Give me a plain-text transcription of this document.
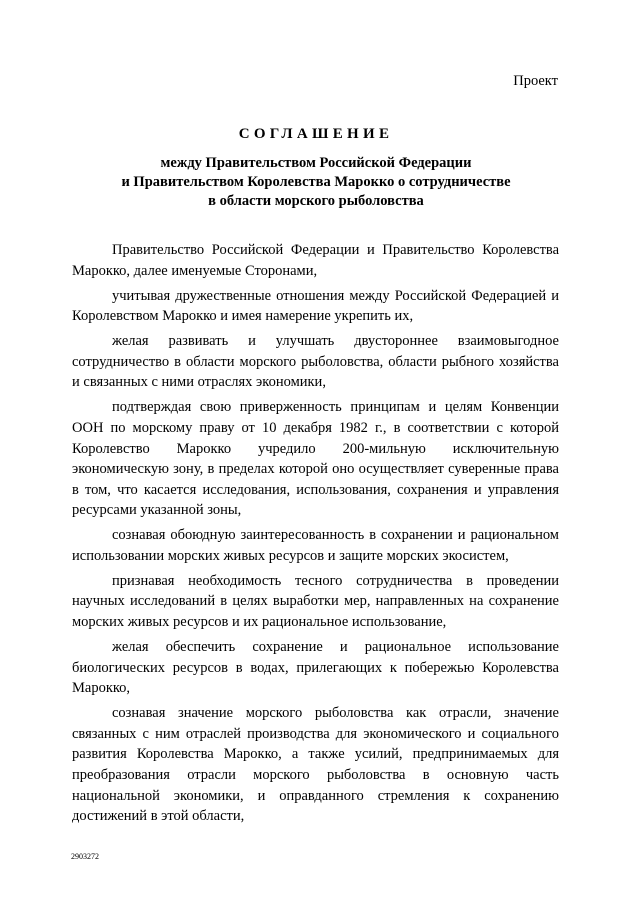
Проект
СОГЛАШЕНИЕ
между Правительством Российской Федерации
и Правительством Королевства Марокко о сотрудничестве
в области морского рыболовства

Правительство Российской Федерации и Правительство Королевства Марокко, далее именуемые Сторонами,

учитывая дружественные отношения между Российской Федерацией и Королевством Марокко и имея намерение укрепить их,

желая развивать и улучшать двустороннее взаимовыгодное сотрудничество в области морского рыболовства, области рыбного хозяйства и связанных с ними отраслях экономики,

подтверждая свою приверженность принципам и целям Конвенции ООН по морскому праву от 10 декабря 1982 г., в соответствии с которой Королевство Марокко учредило 200-мильную исключительную экономическую зону, в пределах которой оно осуществляет суверенные права в том, что касается исследования, использования, сохранения и управления ресурсами указанной зоны,

сознавая обоюдную заинтересованность в сохранении и рациональном использовании морских живых ресурсов и защите морских экосистем,

признавая необходимость тесного сотрудничества в проведении научных исследований в целях выработки мер, направленных на сохранение морских живых ресурсов и их рациональное использование,

желая обеспечить сохранение и рациональное использование биологических ресурсов в водах, прилегающих к побережью Королевства Марокко,

сознавая значение морского рыболовства как отрасли, значение связанных с ним отраслей производства для экономического и социального развития Королевства Марокко, а также усилий, предпринимаемых для преобразования отрасли морского рыболовства в основную часть национальной экономики, и оправданного стремления к сохранению достижений в этой области,

2903272
